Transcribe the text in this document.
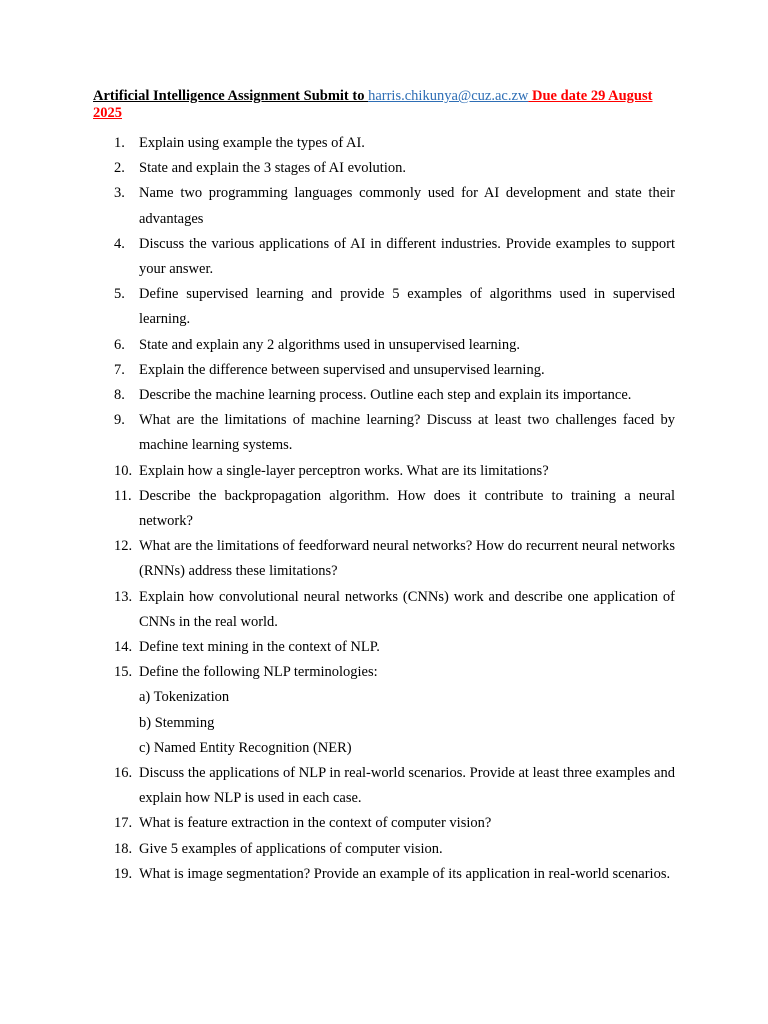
Artificial Intelligence Assignment Submit to harris.chikunya@cuz.ac.zw Due date 29 August 2025
1. Explain using example the types of AI.
2. State and explain the 3 stages of AI evolution.
3. Name two programming languages commonly used for AI development and state their advantages
4. Discuss the various applications of AI in different industries. Provide examples to support your answer.
5. Define supervised learning and provide 5 examples of algorithms used in supervised learning.
6. State and explain any 2 algorithms used in unsupervised learning.
7. Explain the difference between supervised and unsupervised learning.
8. Describe the machine learning process. Outline each step and explain its importance.
9. What are the limitations of machine learning? Discuss at least two challenges faced by machine learning systems.
10. Explain how a single-layer perceptron works. What are its limitations?
11. Describe the backpropagation algorithm. How does it contribute to training a neural network?
12. What are the limitations of feedforward neural networks? How do recurrent neural networks (RNNs) address these limitations?
13. Explain how convolutional neural networks (CNNs) work and describe one application of CNNs in the real world.
14. Define text mining in the context of NLP.
15. Define the following NLP terminologies:
a) Tokenization
b) Stemming
c) Named Entity Recognition (NER)
16. Discuss the applications of NLP in real-world scenarios. Provide at least three examples and explain how NLP is used in each case.
17. What is feature extraction in the context of computer vision?
18. Give 5 examples of applications of computer vision.
19. What is image segmentation? Provide an example of its application in real-world scenarios.
